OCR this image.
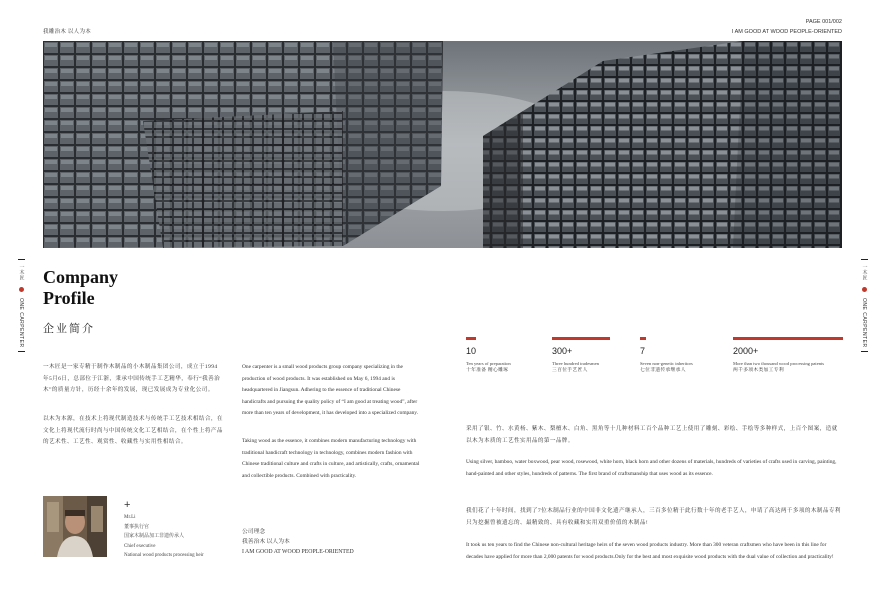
我雕治木 以人为本
PAGE 001/002
I AM GOOD AT WOOD PEOPLE-ORIENTED
一木匠
ONE CARPENTER
一木匠
ONE CARPENTER
Company
Profile
企业简介

一木匠是一家专精于制作木制品的小木制品集团公司，成立于1994年5月6日，总部位于江浙，秉承中国传统手工艺精华，奉行“我善治木”的质量方针，历经十余年的发展，现已发展成为专业化公司。

以木为本源，在技术上将现代制造技术与传统手工艺技术相结合，在文化上将现代流行时尚与中国传统文化工艺相结合，在个性上将产品的艺术性、工艺性、观赏性、收藏性与实用性相结合。

One carpenter is a small wood products group company specializing in the production of wood products. It was established on May 6, 1994 and is headquartered in Jiangsun. Adhering to the essence of traditional Chinese handicrafts and pursuing the quality policy of “I am good at treating wood”, after more than ten years of development, it has developed into a specialized company.

Taking wood as the essence, it combines modern manufacturing technology with traditional handicraft technology in technology, combines modern fashion with Chinese traditional culture and crafts in culture, and artistically, crafts, ornamental and collectible products. Combined with practicality.

+
Mr.Li
董事执行官
国家木制品加工非遗传承人
Chief executive
National wood products processing heir
公司理念
我善治木 以人为本
I AM GOOD AT WOOD PEOPLE-ORIENTED
10
Ten years of preparation
十年准备 精心雕琢
300+
Three hundred tradesmen
三百位手艺匠人
7
Seven non-genetic inheritors
七位非遗传承继承人
2000+
More than two thousand wood processing patents
两千多项木类加工专利

采用了银、竹、水黄杨、紫木、梨檀木、白角、黑角等十几种材料工百个品种工艺上使用了雕刻、彩绘、手绘等多种样式，上百个图案，造就以木为本质的工艺性实用品的第一品牌。

Using silver, bamboo, water boxwood, pear wood, rosewood, white horn, black horn and other dozens of materials, hundreds of varieties of crafts used in carving, painting, hand-painted and other styles, hundreds of patterns. The first brand of craftsmanship that uses wood as its essence.

我们花了十年时间，找到了7位木制品行业的中国非文化遗产继承人，三百多位精于此行数十年的老手艺人，申请了高达两千多项的木制品专利只为挖掘曾被遗忘的、最精致的、具有收藏和实用双重价值的木制品!

It took us ten years to find the Chinese non-cultural heritage heirs of the seven wood products industry. More than 300 veteran craftsmen who have been in this line for decades have applied for more than 2,000 patents for wood products.Only for the best and most exquisite wood products with the dual value of collection and practicality!
